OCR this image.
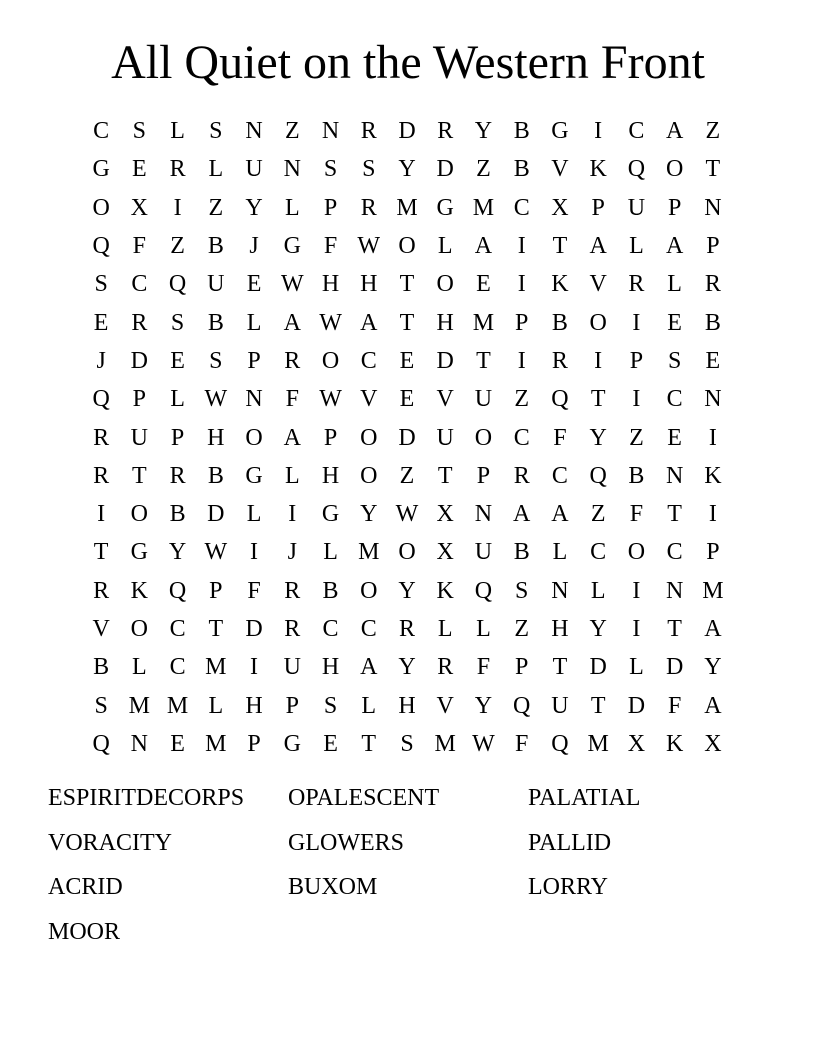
All Quiet on the Western Front
C S	L	S N Z N R D R Y B G	I	C A Z
G E R L U N S	S Y D Z B V K Q O T
O X	I	Z Y L	P R M G M C X P U P N
Q F	Z B	J	G F W O L A	I	T A L A P
S C Q U E W H H T O E	I	K V R L R
E R S B L A W A T H M P B O	I	E B
J	D E	S	P R O C E D T	I	R	I	P	S	E
Q P	L W N F W V E V U Z Q T	I	C N
R U P H O A P O D U O C F Y Z E	I
R T R B G L H O Z T	P R C Q B N K
I	O B D L	I	G Y W X N A A Z	F	T	I
T G Y W I	J	L M O X U B L C O C P
R K Q P	F R B O Y K Q S N L	I	N M
V O C T D R C C R L L Z H Y	I	T A
B L C M I	U H A Y R F	P	T D L D Y
S M M L H P	S	L H V Y Q U T D F A
Q N E M P G E T	S M W F Q M X K X
ESPIRITDECORPS	OPALESCENT	PALATIAL
VORACITY	GLOWERS	PALLID
ACRID	BUXOM	LORRY
MOOR
